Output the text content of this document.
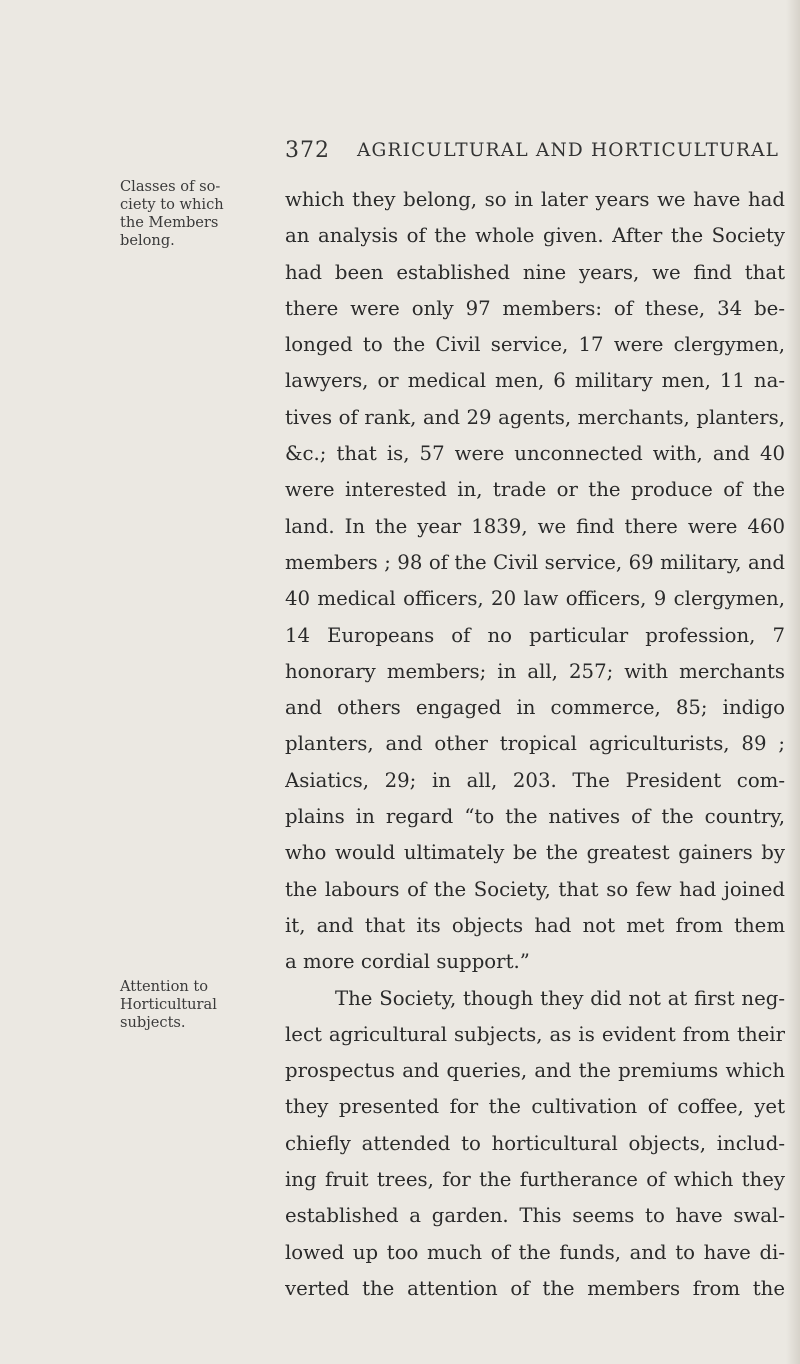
372 AGRICULTURAL AND HORTICULTURAL
Classes of so-
ciety to which
the Members
belong.
Attention to
Horticultural
subjects.
which they belong, so in later years we have had
an analysis of the whole given. After the Society
had been established nine years, we find that
there were only 97 members: of these, 34 be-
longed to the Civil service, 17 were clergymen,
lawyers, or medical men, 6 military men, 11 na-
tives of rank, and 29 agents, merchants, planters,
&c.; that is, 57 were unconnected with, and 40
were interested in, trade or the produce of the
land. In the year 1839, we find there were 460
members ; 98 of the Civil service, 69 military, and
40 medical officers, 20 law officers, 9 clergymen,
14 Europeans of no particular profession, 7
honorary members; in all, 257; with merchants
and others engaged in commerce, 85; indigo
planters, and other tropical agriculturists, 89 ;
Asiatics, 29; in all, 203. The President com-
plains in regard “to the natives of the country,
who would ultimately be the greatest gainers by
the labours of the Society, that so few had joined
it, and that its objects had not met from them
a more cordial support.”
The Society, though they did not at first neg-
lect agricultural subjects, as is evident from their
prospectus and queries, and the premiums which
they presented for the cultivation of coffee, yet
chiefly attended to horticultural objects, includ-
ing fruit trees, for the furtherance of which they
established a garden. This seems to have swal-
lowed up too much of the funds, and to have di-
verted the attention of the members from the
